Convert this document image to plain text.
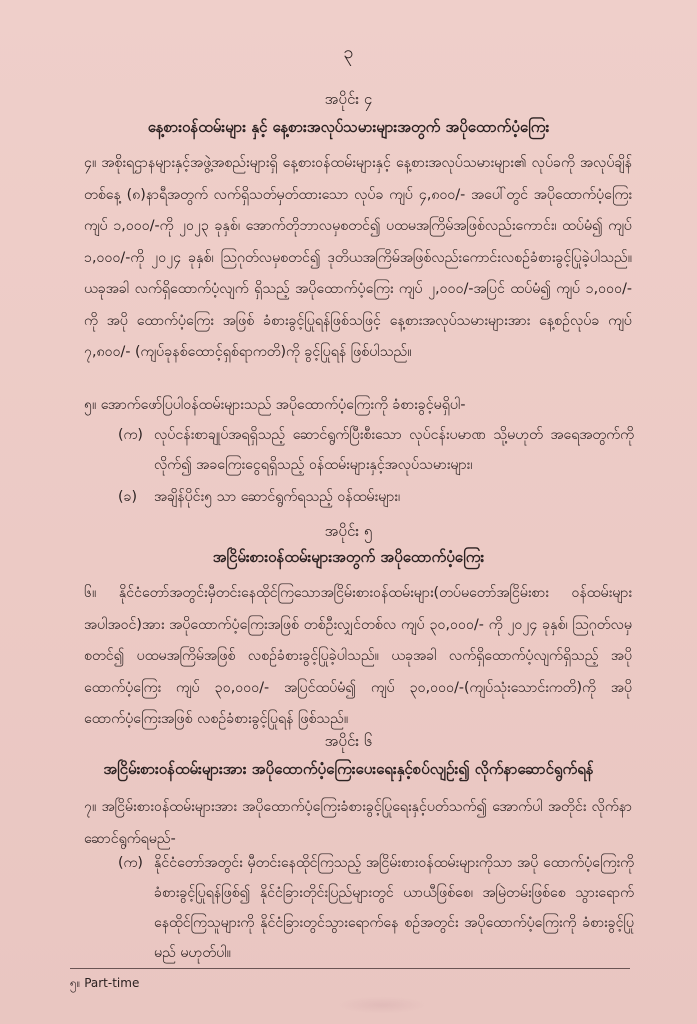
၃
အပိုင်း ၄
နေ့စားဝန်ထမ်းများ နှင့် နေ့စားအလုပ်သမားများအတွက် အပိုထောက်ပံ့ကြေး
၄။ အစိုးရဌာနများနှင့်အဖွဲ့အစည်းများရှိ နေ့စားဝန်ထမ်းများနှင့် နေ့စားအလုပ်သမားများ၏ လုပ်ခကို အလုပ်ချိန် တစ်နေ့ (၈)နာရီအတွက် လက်ရှိသတ်မှတ်ထားသော လုပ်ခ ကျပ် ၄,၈၀၀/- အပေါ်တွင် အပိုထောက်ပံ့ကြေး ကျပ် ၁,၀၀၀/-ကို ၂၀၂၃ ခုနှစ်၊ အောက်တိုဘာလမှစတင်၍ ပထမအကြိမ်အဖြစ်လည်းကောင်း၊ ထပ်မံ၍ ကျပ် ၁,၀၀၀/-ကို ၂၀၂၄ ခုနှစ်၊ ဩဂုတ်လမှစတင်၍ ဒုတိယအကြိမ်အဖြစ်လည်းကောင်းလစဉ်ခံစားခွင့်ပြုခဲ့ပါသည်။ ယခုအခါ လက်ရှိထောက်ပံ့လျက် ရှိသည့် အပိုထောက်ပံ့ကြေး ကျပ် ၂,၀၀၀/-အပြင် ထပ်မံ၍ ကျပ် ၁,၀၀၀/- ကို အပို ထောက်ပံ့ကြေး အဖြစ် ခံစားခွင့်ပြုရန်ဖြစ်သဖြင့် နေ့စားအလုပ်သမားများအား နေ့စဉ်လုပ်ခ ကျပ် ၇,၈၀၀/- (ကျပ်ခုနစ်ထောင့်ရှစ်ရာကတိ)ကို ခွင့်ပြုရန် ဖြစ်ပါသည်။
၅။ အောက်ဖော်ပြပါဝန်ထမ်းများသည် အပိုထောက်ပံ့ကြေးကို ခံစားခွင့်မရှိပါ-
(က) လုပ်ငန်းစာချုပ်အရရှိသည့် ဆောင်ရွက်ပြီးစီးသော လုပ်ငန်းပမာဏ သို့မဟုတ် အရေအတွက်ကိုလိုက်၍ အခကြေးငွေရရှိသည့် ဝန်ထမ်းများနှင့်အလုပ်သမားများ၊
(ခ)	အချိန်ပိုင်း၅ သာ ဆောင်ရွက်ရသည့် ဝန်ထမ်းများ၊
အပိုင်း ၅
အငြိမ်းစားဝန်ထမ်းများအတွက် အပိုထောက်ပံ့ကြေး
၆။ နိုင်ငံတော်အတွင်းမှီတင်းနေထိုင်ကြသောအငြိမ်းစားဝန်ထမ်းများ(တပ်မတော်အငြိမ်းစား ဝန်ထမ်းများအပါအဝင်)အား အပိုထောက်ပံ့ကြေးအဖြစ် တစ်ဦးလျှင်တစ်လ ကျပ် ၃၀,၀၀၀/- ကို ၂၀၂၄ ခုနှစ်၊ ဩဂုတ်လမှစတင်၍ ပထမအကြိမ်အဖြစ် လစဉ်ခံစားခွင့်ပြုခဲ့ပါသည်။ ယခုအခါ လက်ရှိထောက်ပံ့လျက်ရှိသည့် အပိုထောက်ပံ့ကြေး ကျပ် ၃၀,၀၀၀/- အပြင်ထပ်မံ၍ ကျပ် ၃၀,၀၀၀/-(ကျပ်သုံးသောင်းကတိ)ကို အပိုထောက်ပံ့ကြေးအဖြစ် လစဉ်ခံစားခွင့်ပြုရန် ဖြစ်သည်။
အပိုင်း ၆
အငြိမ်းစားဝန်ထမ်းများအား အပိုထောက်ပံ့ကြေးပေးရေးနှင့်စပ်လျဉ်း၍ လိုက်နာဆောင်ရွက်ရန်
၇။ အငြိမ်းစားဝန်ထမ်းများအား အပိုထောက်ပံ့ကြေးခံစားခွင့်ပြုရေးနှင့်ပတ်သက်၍ အောက်ပါ အတိုင်း လိုက်နာဆောင်ရွက်ရမည်-
(က) နိုင်ငံတော်အတွင်း မှီတင်းနေထိုင်ကြသည့် အငြိမ်းစားဝန်ထမ်းများကိုသာ အပို ထောက်ပံ့ကြေးကို ခံစားခွင့်ပြုရန်ဖြစ်၍ နိုင်ငံခြားတိုင်းပြည်များတွင် ယာယီဖြစ်စေ၊ အမြဲတမ်းဖြစ်စေ သွားရောက်နေထိုင်ကြသူများကို နိုင်ငံခြားတွင်သွားရောက်နေ စဉ်အတွင်း အပိုထောက်ပံ့ကြေးကို ခံစားခွင့်ပြုမည် မဟုတ်ပါ။
၅။ Part-time
